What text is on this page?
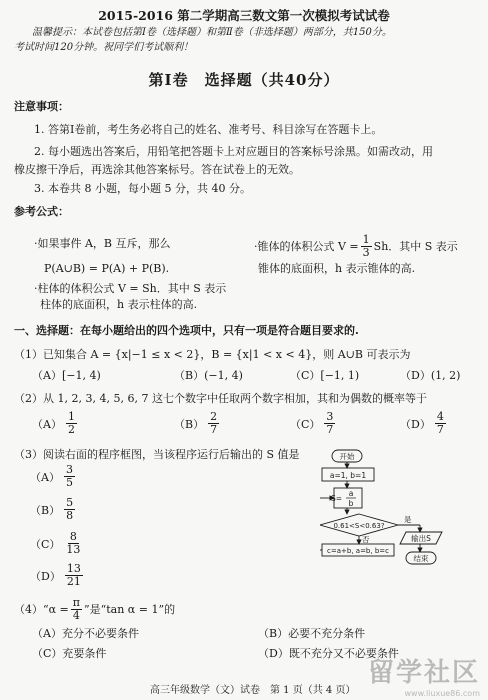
2015-2016 第二学期高三数文第一次模拟考试试卷
温馨提示：本试卷包括第Ⅰ卷（选择题）和第Ⅱ卷（非选择题）两部分，共150分。
考试时间120分钟。祝同学们考试顺利！
第Ⅰ卷　选择题（共40分）
注意事项：
1. 答第Ⅰ卷前，考生务必将自己的姓名、准考号、科目涂写在答题卡上。
2. 每小题选出答案后，用铅笔把答题卡上对应题目的答案标号涂黑。如需改动，用
橡皮擦干净后，再选涂其他答案标号。答在试卷上的无效。
3. 本卷共 8 小题，每小题 5 分，共 40 分。
参考公式：
·如果事件 A，B 互斥，那么
P(A∪B) = P(A) + P(B).
·柱体的体积公式 V = Sh．其中 S 表示
柱体的底面积，h 表示柱体的高.
·锥体的体积公式 $V = \frac{1}{3}$ Sh．其中 S 表示
锥体的底面积，h 表示锥体的高.
一、选择题：在每小题给出的四个选项中，只有一项是符合题目要求的.
（1）已知集合 A = {x|−1 ≤ x < 2}，B = {x|1 < x < 4}，则 A∪B 可表示为
（A）[−1, 4)	（B）(−1, 4)	（C）[−1, 1)	（D）(1, 2)
（2）从 1, 2, 3, 4, 5, 6, 7 这七个数字中任取两个数字相加，其和为偶数的概率等于
$(A) \frac{1}{2}$	$(B) \frac{2}{7}$	$(C) \frac{3}{7}$	$(D) \frac{4}{7}$
（3）阅读右面的程序框图，当该程序运行后输出的 S 值是
$(A) \frac{3}{5}$
$(B) \frac{5}{8}$
$(C) \frac{8}{13}$
$(D) \frac{13}{21}$
开始
a=1, b=1
S=
a
b
0.61<S<0.63?
是
否
c=a+b, a=b, b=c
输出S
结束
（4）“α = $\frac{\pi}{4}$ ”是“tan α = 1”的
（A）充分不必要条件	（B）必要不充分条件
（C）充要条件	（D）既不充分又不必要条件
高三年级数学（文）试卷　第 1 页（共 4 页）
留学社区
www.liuxue86.com
